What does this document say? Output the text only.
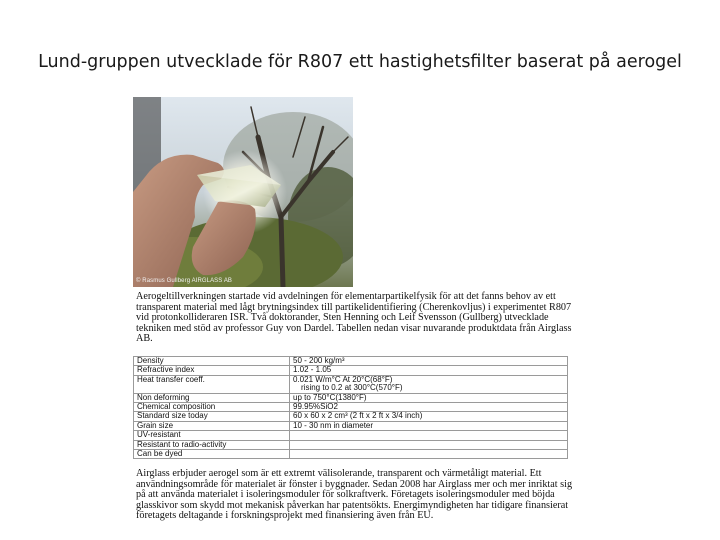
Lund-gruppen utvecklade för R807 ett hastighetsfilter baserat på aerogel
© Rasmus Gullberg AIRGLASS AB

Aerogeltillverkningen startade vid avdelningen för elementarpartikelfysik för att det fanns behov av ett transparent material med lågt brytningsindex till partikelidentifiering (Cherenkovljus) i experimentet R807 vid protonkollideraren ISR. Två doktorander, Sten Henning och Leif Svensson (Gullberg) utvecklade tekniken med stöd av professor Guy von Dardel. Tabellen nedan visar nuvarande produktdata från Airglass AB.

Density	50 - 200 kg/m³
Refractive index	1.02 - 1.05
Heat transfer coeff.	0.021 W/m°C At 20°C(68°F)
rising to 0.2 at 300°C(570°F)

Non deforming	up to 750°C(1380°F)
Chemical composition	99.95%SiO2
Standard size today	60 x 60 x 2 cm³ (2 ft x 2 ft x 3/4 inch)
Grain size	10 - 30 nm in diameter
UV-resistant	
Resistant to radio-activity	
Can be dyed	

Airglass erbjuder aerogel som är ett extremt välisolerande, transparent och värmetåligt material. Ett användningsområde för materialet är fönster i byggnader. Sedan 2008 har Airglass mer och mer inriktat sig på att använda materialet i isoleringsmoduler för solkraftverk. Företagets isoleringsmoduler med böjda glasskivor som skydd mot mekanisk påverkan har patentsökts. Energimyndigheten har tidigare finansierat företagets deltagande i forskningsprojekt med finansiering även från EU.
